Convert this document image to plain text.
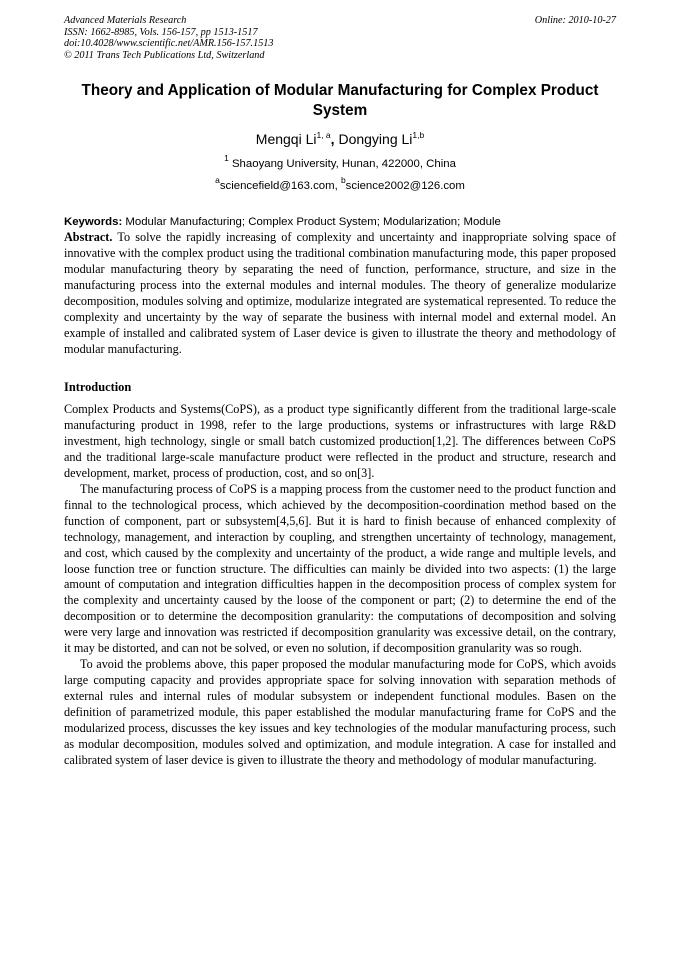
Advanced Materials Research
ISSN: 1662-8985, Vols. 156-157, pp 1513-1517
doi:10.4028/www.scientific.net/AMR.156-157.1513
© 2011 Trans Tech Publications Ltd, Switzerland
Online: 2010-10-27
Theory and Application of Modular Manufacturing for Complex Product System
Mengqi Li$^{1, a}$, Dongying Li$^{1,b}$
$^1$ Shaoyang University, Hunan, 422000, China
$^a$sciencefield@163.com, $^b$science2002@126.com
Keywords: Modular Manufacturing; Complex Product System; Modularization; Module

Abstract. To solve the rapidly increasing of complexity and uncertainty and inappropriate solving space of innovative with the complex product using the traditional combination manufacturing mode, this paper proposed modular manufacturing theory by separating the need of function, performance, structure, and size in the manufacturing process into the external modules and internal modules. The theory of generalize modularize decomposition, modules solving and optimize, modularize integrated are systematical represented. To reduce the complexity and uncertainty by the way of separate the business with internal model and external model. An example of installed and calibrated system of Laser device is given to illustrate the theory and methodology of modular manufacturing.

Introduction

Complex Products and Systems(CoPS), as a product type significantly different from the traditional large-scale manufacturing product in 1998, refer to the large productions, systems or infrastructures with large R&D investment, high technology, single or small batch customized production[1,2]. The differences between CoPS and the traditional large-scale manufacture product were reflected in the product and structure, research and development, market, process of production, cost, and so on[3].

The manufacturing process of CoPS is a mapping process from the customer need to the product function and finnal to the technological process, which achieved by the decomposition-coordination method based on the function of component, part or subsystem[4,5,6]. But it is hard to finish because of enhanced complexity of technology, management, and interaction by coupling, and strengthen uncertainty of technology, management, and cost, which caused by the complexity and uncertainty of the product, a wide range and multiple levels, and loose function tree or function structure. The difficulties can mainly be divided into two aspects: (1) the large amount of computation and integration difficulties happen in the decomposition process of complex system for the complexity and uncertainty caused by the loose of the component or part; (2) to determine the end of the decomposition or to determine the decomposition granularity: the computations of decomposition and solving were very large and innovation was restricted if decomposition granularity was excessive detail, on the contrary, it may be distorted, and can not be solved, or even no solution, if decomposition granularity was so rough.

To avoid the problems above, this paper proposed the modular manufacturing mode for CoPS, which avoids large computing capacity and provides appropriate space for solving innovation with separation methods of external rules and internal rules of modular subsystem or independent functional modules. Basen on the definition of parametrized module, this paper established the modular manufacturing frame for CoPS and the modularized process, discusses the key issues and key technologies of the modular manufacturing process, such as modular decomposition, modules solved and optimization, and module integration. A case for installed and calibrated system of laser device is given to illustrate the theory and methodology of modular manufacturing.
